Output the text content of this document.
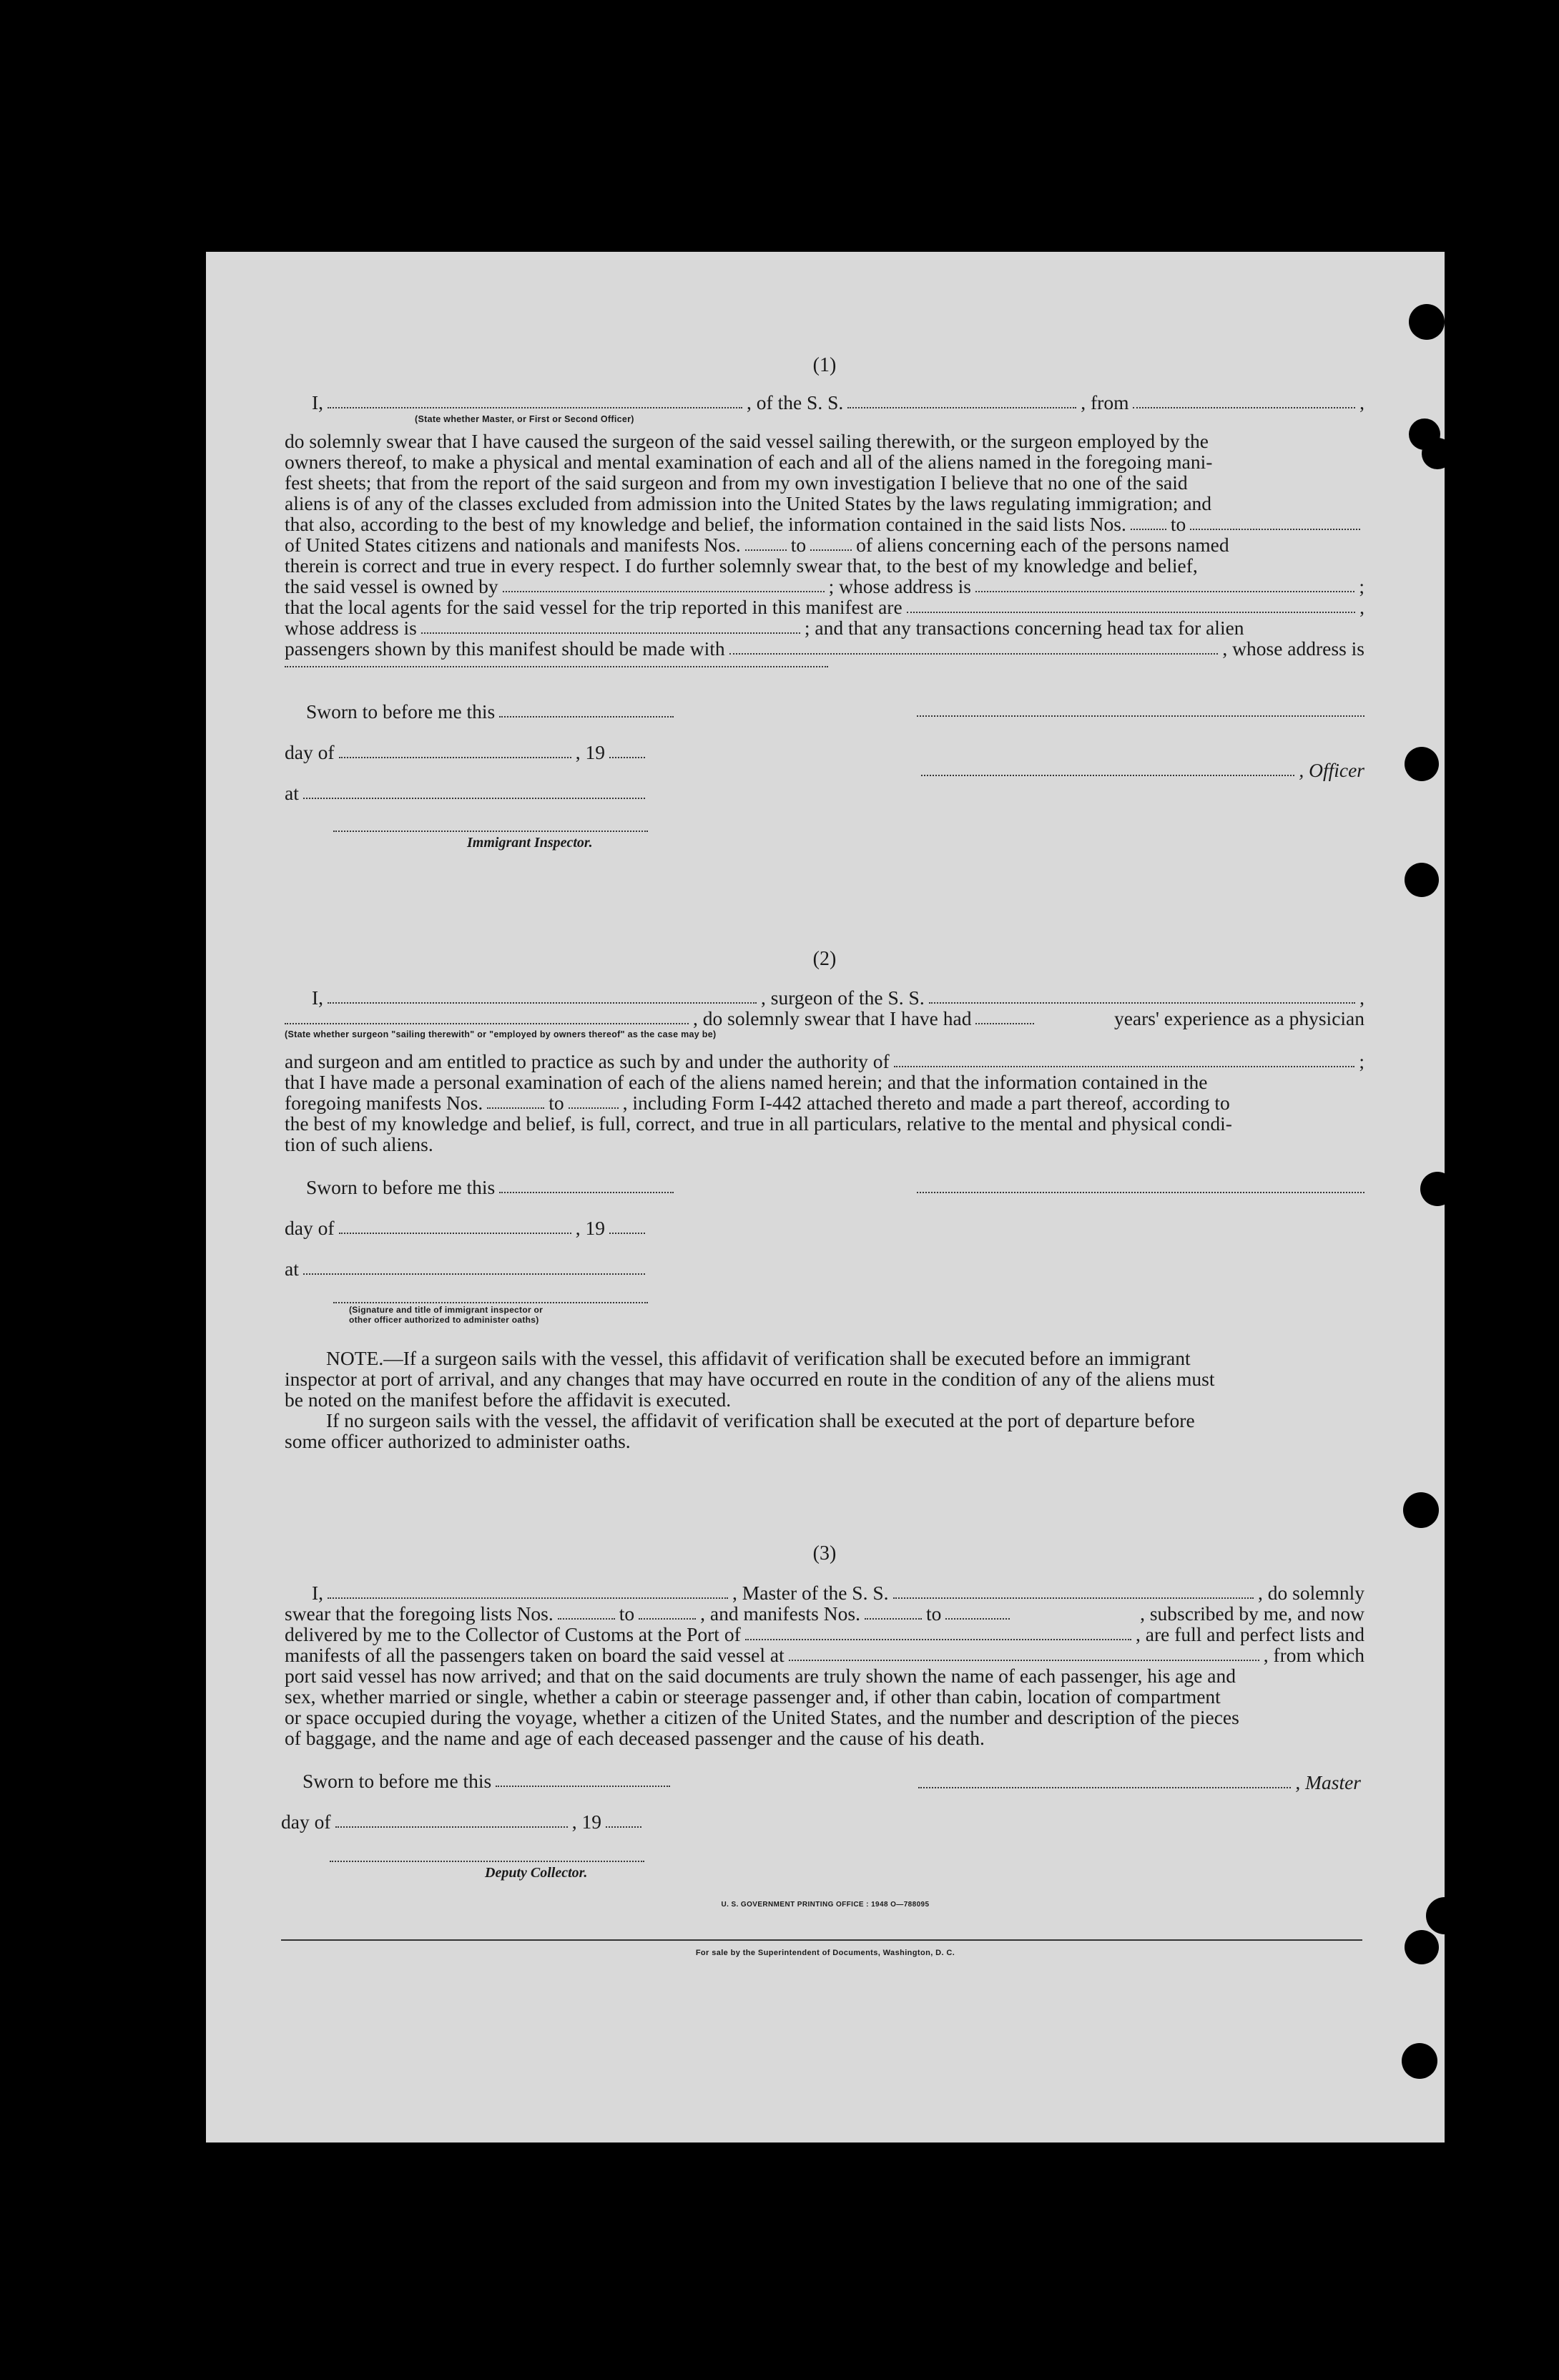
(1)
I,	, of the S. S.	, from	,
(State whether Master, or First or Second Officer)

do solemnly swear that I have caused the surgeon of the said vessel sailing therewith, or the surgeon employed by the

owners thereof, to make a physical and mental examination of each and all of the aliens named in the foregoing mani-

fest sheets; that from the report of the said surgeon and from my own investigation I believe that no one of the said

aliens is of any of the classes excluded from admission into the United States by the laws regulating immigration; and

that also, according to the best of my knowledge and belief, the information contained in the said lists Nos. to
of United States citizens and nationals and manifests Nos.	to	of aliens concerning each of the persons named

therein is correct and true in every respect. I do further solemnly swear that, to the best of my knowledge and belief,

the said vessel is owned by	; whose address is	;
that the local agents for the said vessel for the trip reported in this manifest are	,
whose address is	; and that any transactions concerning head tax for alien
passengers shown by this manifest should be made with	, whose address is
Sworn to before me this
day of	, 19
at
Immigrant Inspector.
, Officer
(2)
I,	, surgeon of the S. S.	,
, do solemnly swear that I have had	years' experience as a physician
(State whether surgeon "sailing therewith" or "employed by owners thereof" as the case may be)
and surgeon and am entitled to practice as such by and under the authority of	;

that I have made a personal examination of each of the aliens named herein; and that the information contained in the

foregoing manifests Nos.	to	, including Form I-442 attached thereto and made a part thereof, according to

the best of my knowledge and belief, is full, correct, and true in all particulars, relative to the mental and physical condi-

tion of such aliens.

Sworn to before me this
day of	, 19
at
(Signature and title of immigrant inspector or
other officer authorized to administer oaths)

NOTE.—If a surgeon sails with the vessel, this affidavit of verification shall be executed before an immigrant

inspector at port of arrival, and any changes that may have occurred en route in the condition of any of the aliens must

be noted on the manifest before the affidavit is executed.

If no surgeon sails with the vessel, the affidavit of verification shall be executed at the port of departure before

some officer authorized to administer oaths.

(3)
I,	, Master of the S. S.	, do solemnly
swear that the foregoing lists Nos.	to	, and manifests Nos.	to	, subscribed by me, and now
delivered by me to the Collector of Customs at the Port of	, are full and perfect lists and
manifests of all the passengers taken on board the said vessel at	, from which

port said vessel has now arrived; and that on the said documents are truly shown the name of each passenger, his age and

sex, whether married or single, whether a cabin or steerage passenger and, if other than cabin, location of compartment

or space occupied during the voyage, whether a citizen of the United States, and the number and description of the pieces

of baggage, and the name and age of each deceased passenger and the cause of his death.

Sworn to before me this
day of	, 19
Deputy Collector.
, Master
U. S. GOVERNMENT PRINTING OFFICE : 1948 O—788095
For sale by the Superintendent of Documents, Washington, D. C.
